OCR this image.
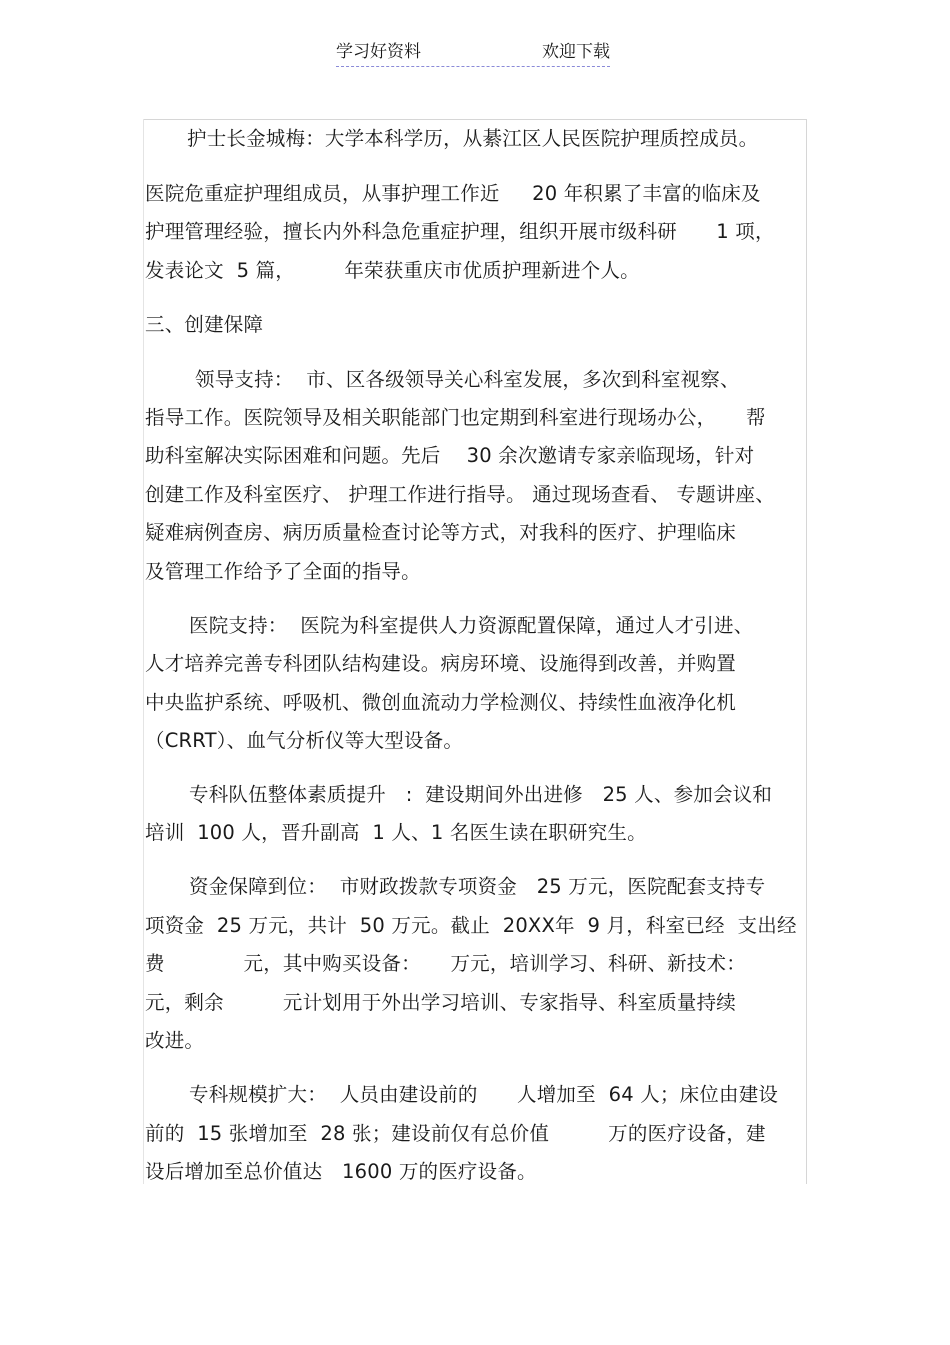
学习好资料	欢迎下载
护士长金城梅：大学本科学历，从綦江区人民医院护理质控成员。
医院危重症护理组成员，从事护理工作近　  20 年积累了丰富的临床及
护理管理经验，擅长内外科急危重症护理，组织开展市级科研　　1 项，
发表论文  5 篇，　　　年荣获重庆市优质护理新进个人。
三、创建保障
领导支持：  市、区各级领导关心科室发展，多次到科室视察、
指导工作。医院领导及相关职能部门也定期到科室进行现场办公，　　帮
助科室解决实际困难和问题。先后　 30 余次邀请专家亲临现场，针对
创建工作及科室医疗、 护理工作进行指导。 通过现场查看、 专题讲座、
疑难病例查房、病历质量检查讨论等方式，对我科的医疗、护理临床
及管理工作给予了全面的指导。
医院支持：  医院为科室提供人力资源配置保障，通过人才引进、
人才培养完善专科团队结构建设。病房环境、设施得到改善，并购置
中央监护系统、呼吸机、微创血流动力学检测仪、持续性血液净化机
（CRRT）、血气分析仪等大型设备。
专科队伍整体素质提升　:  建设期间外出进修　25 人、参加会议和
培训  100 人，晋升副高  1 人、1 名医生读在职研究生。
资金保障到位：  市财政拨款专项资金　25 万元，医院配套支持专
项资金  25 万元，共计  50 万元。截止  20XX年  9 月，科室已经  支出经
费　　　　元，其中购买设备：　　万元，培训学习、科研、新技术：
元，剩余　　　元计划用于外出学习培训、专家指导、科室质量持续
改进。
专科规模扩大：  人员由建设前的　　人增加至  64 人；床位由建设
前的  15 张增加至  28 张；建设前仅有总价值　　　万的医疗设备，建
设后增加至总价值达　1600 万的医疗设备。
